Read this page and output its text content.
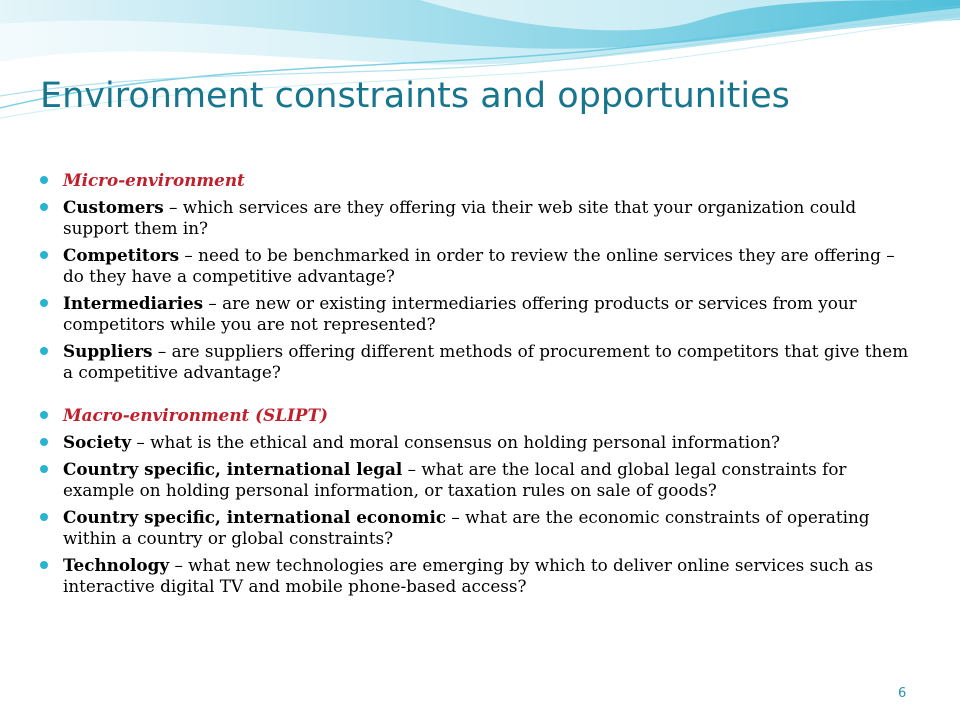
Environment constraints and opportunities
Micro-environment
Customers – which services are they offering via their web site that your organization could support them in?
Competitors – need to be benchmarked in order to review the online services they are offering – do they have a competitive advantage?
Intermediaries – are new or existing intermediaries offering products or services from your competitors while you are not represented?
Suppliers – are suppliers offering different methods of procurement to competitors that give them a competitive advantage?
Macro-environment (SLIPT)
Society – what is the ethical and moral consensus on holding personal information?
Country specific, international legal – what are the local and global legal constraints for example on holding personal information, or taxation rules on sale of goods?
Country specific, international economic – what are the economic constraints of operating within a country or global constraints?
Technology – what new technologies are emerging by which to deliver online services such as interactive digital TV and mobile phone-based access?
6
